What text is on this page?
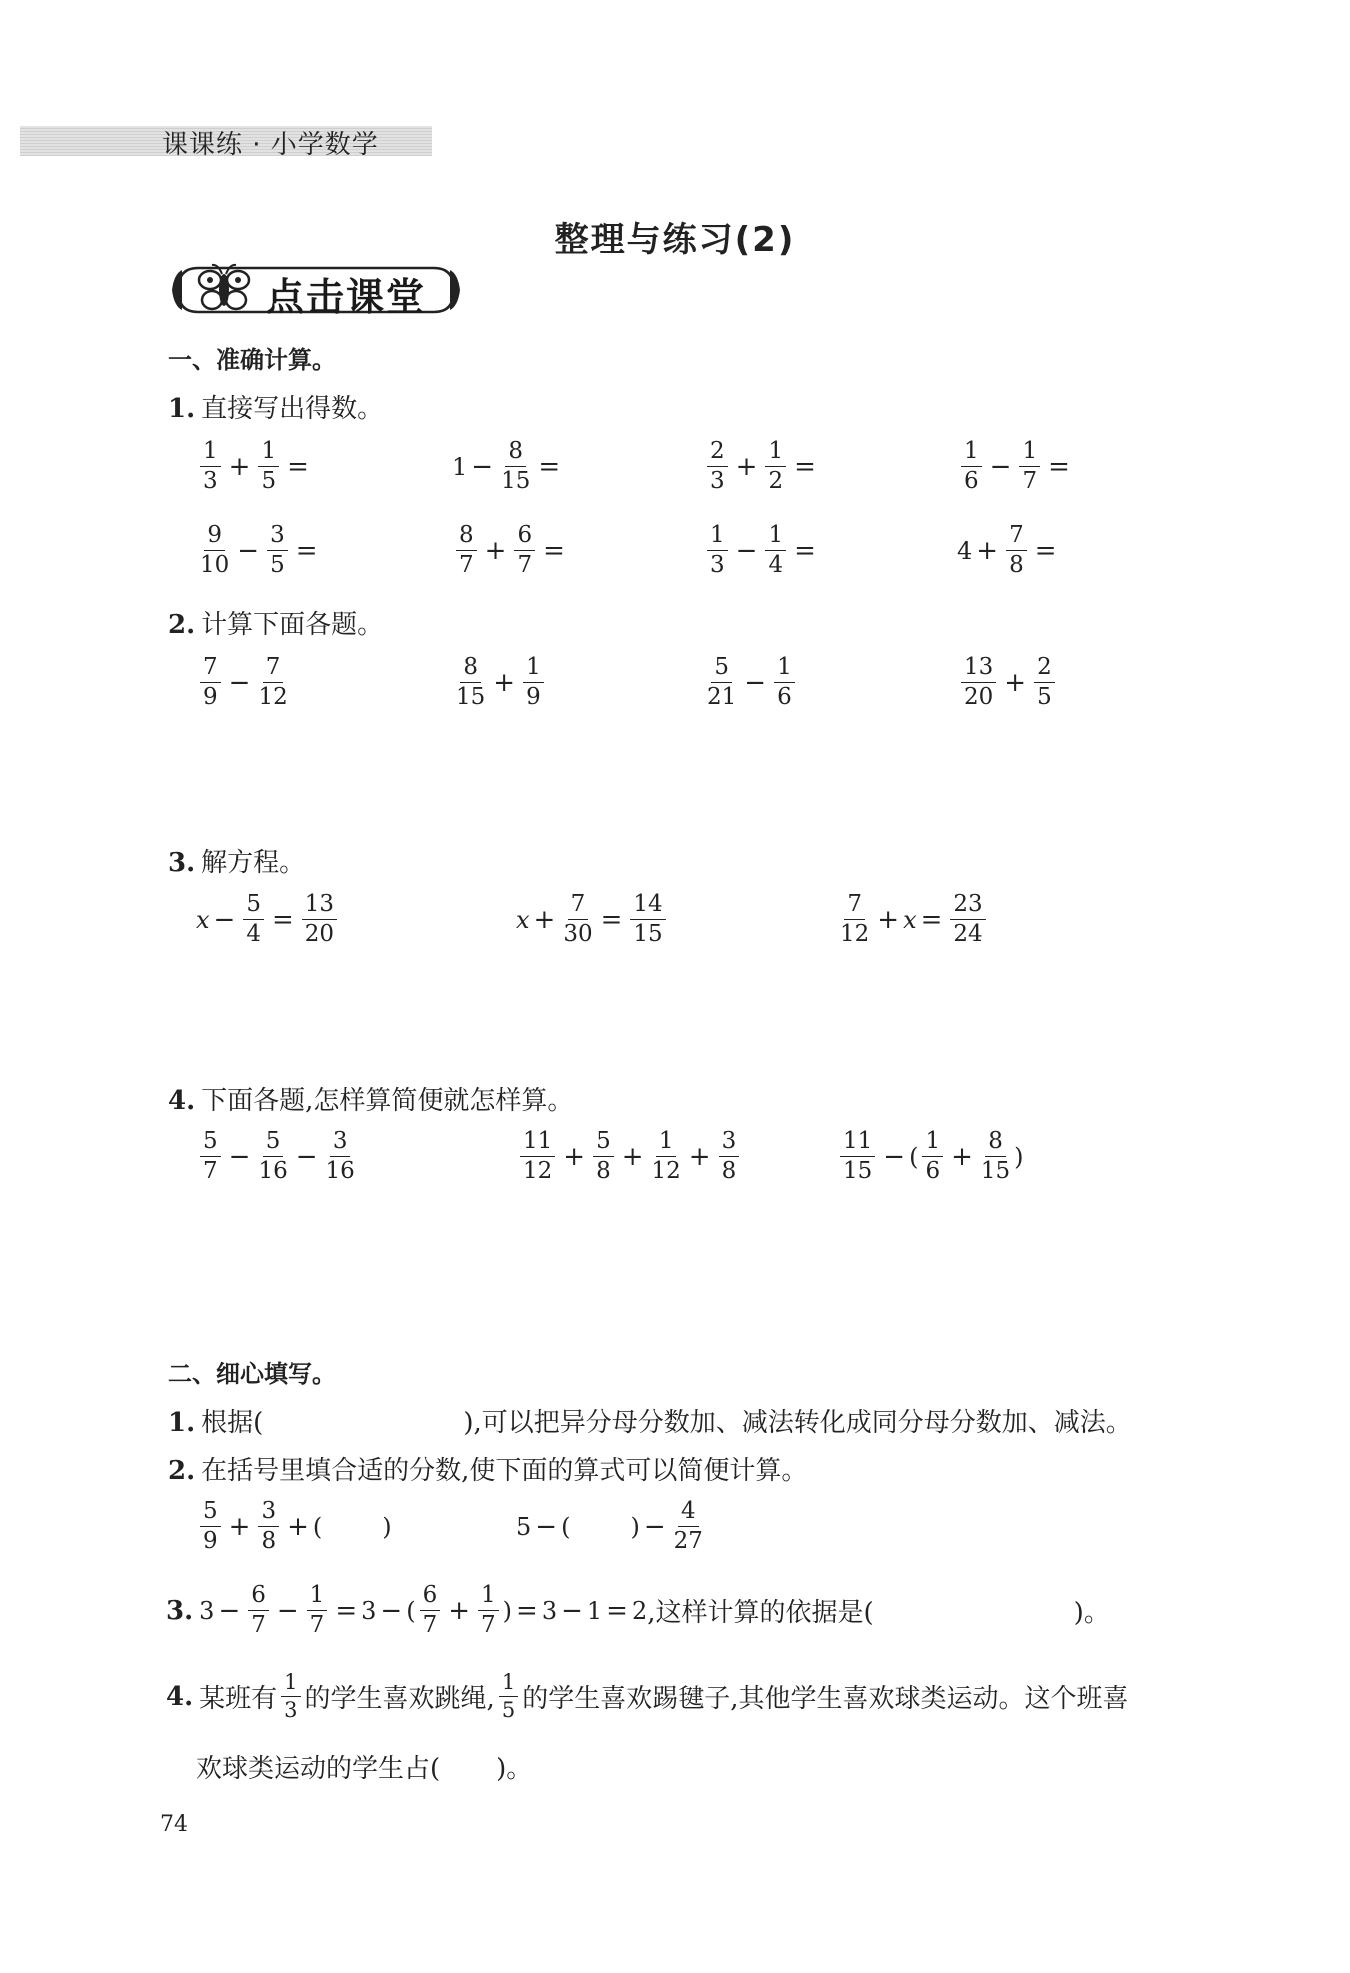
课课练 · 小学数学
整理与练习(2)
点击课堂
一、准确计算。
1. 直接写出得数。
$\frac{1}{3} + \frac{1}{5}$ =	$1 - \frac{8}{15}$ =	$\frac{2}{3} + \frac{1}{2}$ =	$\frac{1}{6} - \frac{1}{7}$ =
$\frac{9}{10} - \frac{3}{5}$ =	$\frac{8}{7} + \frac{6}{7}$ =	$\frac{1}{3} - \frac{1}{4}$ =	$4 + \frac{7}{8}$ =
2. 计算下面各题。
$\frac{7}{9} - \frac{7}{12}$	$\frac{8}{15} + \frac{1}{9}$	$\frac{5}{21} - \frac{1}{6}$	$\frac{13}{20} + \frac{2}{5}$
3. 解方程。
$x - \frac{5}{4} = \frac{13}{20}$	$x + \frac{7}{30} = \frac{14}{15}$	$\frac{7}{12} + x = \frac{23}{24}$
4. 下面各题,怎样算简便就怎样算。
$\frac{5}{7} - \frac{5}{16} - \frac{3}{16}$	$\frac{11}{12} + \frac{5}{8} + \frac{1}{12} + \frac{3}{8}$	$\frac{11}{15}$ − ( $\frac{1}{6} + \frac{8}{15}$ )
二、细心填写。
1. 根据(	),可以把异分母分数加、减法转化成同分母分数加、减法。
2. 在括号里填合适的分数,使下面的算式可以简便计算。
$\frac{5}{9} + \frac{3}{8}$ + (	)	5 − (	) − $\frac{4}{27}$
3. $3 - \frac{6}{7} - \frac{1}{7} = 3$ − ( $\frac{6}{7} + \frac{1}{7}$ ) = 3 − 1 = 2 ,这样计算的依据是(	)。
4. 某班有 $\frac{1}{3}$ 的学生喜欢跳绳, $\frac{1}{5}$ 的学生喜欢踢毽子,其他学生喜欢球类运动。这个班喜
欢球类运动的学生占( )。
74
